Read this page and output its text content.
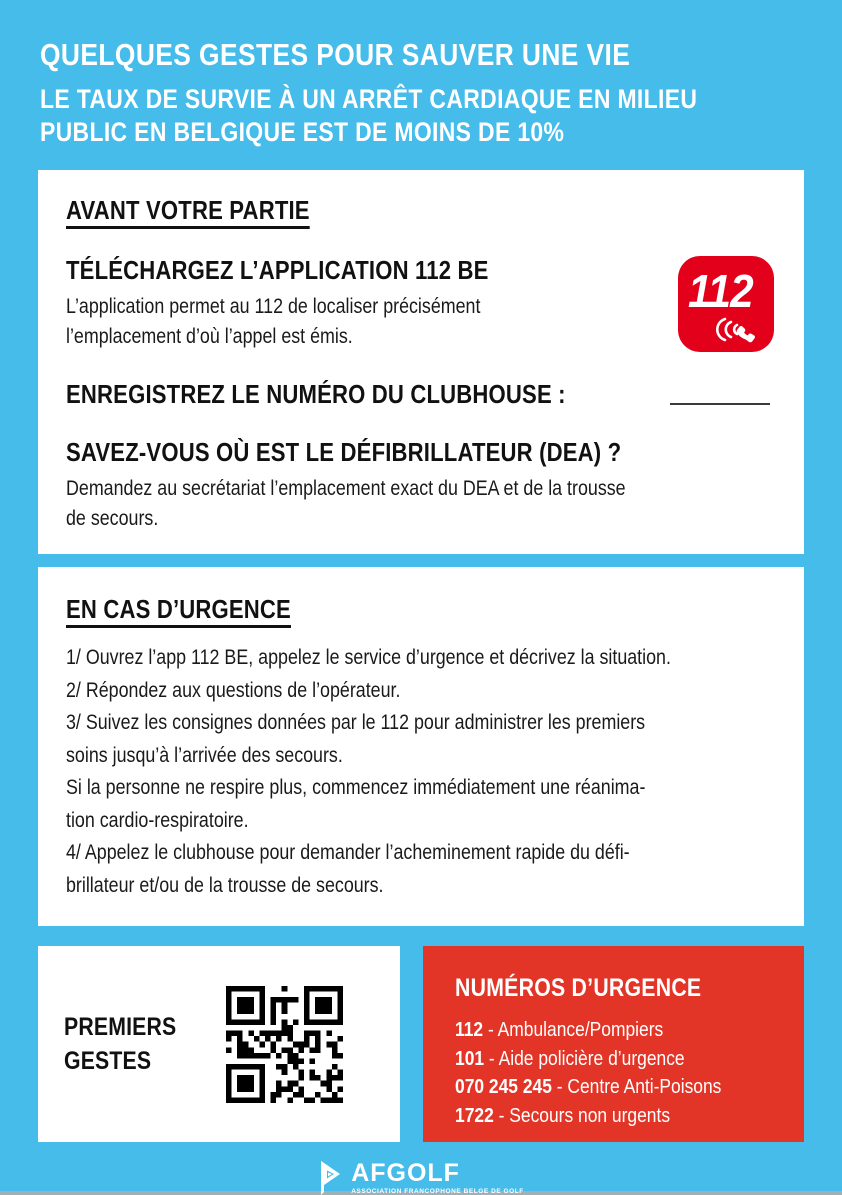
QUELQUES GESTES POUR SAUVER UNE VIE
LE TAUX DE SURVIE À UN ARRÊT CARDIAQUE EN MILIEU
PUBLIC EN BELGIQUE EST DE MOINS DE 10%
AVANT VOTRE PARTIE
TÉLÉCHARGEZ L’APPLICATION 112 BE
L’application permet au 112 de localiser précisément
l’emplacement d’où l’appel est émis.
112
ENREGISTREZ LE NUMÉRO DU CLUBHOUSE :
SAVEZ-VOUS OÙ EST LE DÉFIBRILLATEUR (DEA) ?
Demandez au secrétariat l’emplacement exact du DEA et de la trousse
de secours.
EN CAS D’URGENCE
1/ Ouvrez l’app 112 BE, appelez le service d’urgence et décrivez la situation.
2/ Répondez aux questions de l’opérateur.
3/ Suivez les consignes données par le 112 pour administrer les premiers
soins jusqu’à l’arrivée des secours.
Si la personne ne respire plus, commencez immédiatement une réanima-
tion cardio-respiratoire.
4/ Appelez le clubhouse pour demander l’acheminement rapide du défi-
brillateur et/ou de la trousse de secours.
PREMIERS
GESTES
NUMÉROS D’URGENCE
112 - Ambulance/Pompiers
101 - Aide policière d’urgence
070 245 245 - Centre Anti-Poisons
1722 - Secours non urgents
AFGOLF
ASSOCIATION FRANCOPHONE BELGE DE GOLF
